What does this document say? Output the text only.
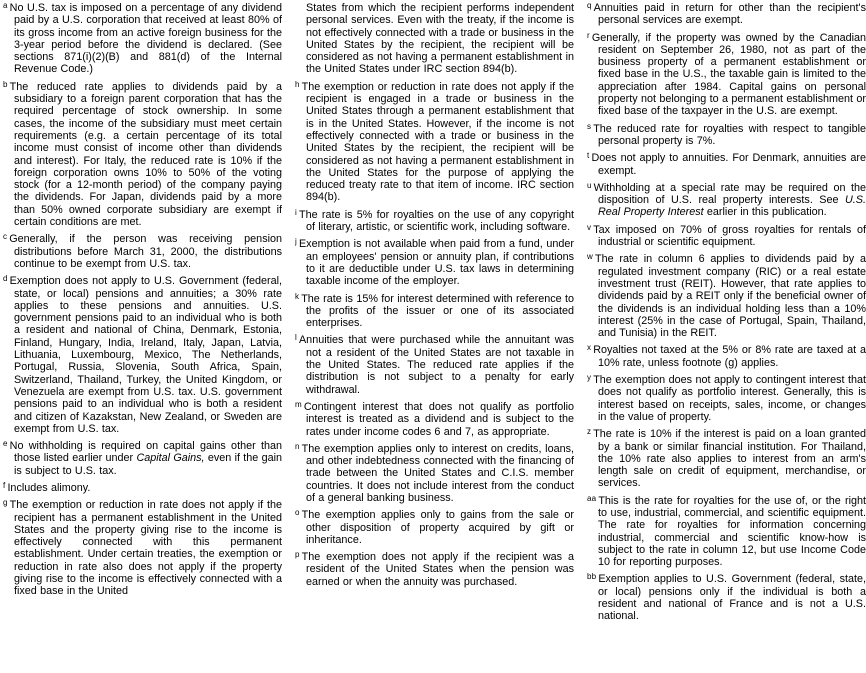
$^a$ No U.S. tax is imposed on a percentage of any dividend paid by a U.S. corporation that received at least 80% of its gross income from an active foreign business for the 3-year period before the dividend is declared. (See sections 871(i)(2)(B) and 881(d) of the Internal Revenue Code.)
$^b$ The reduced rate applies to dividends paid by a subsidiary to a foreign parent corporation that has the required percentage of stock ownership. In some cases, the income of the subsidiary must meet certain requirements (e.g. a certain percentage of its total income must consist of income other than dividends and interest). For Italy, the reduced rate is 10% if the foreign corporation owns 10% to 50% of the voting stock (for a 12-month period) of the company paying the dividends. For Japan, dividends paid by a more than 50% owned corporate subsidiary are exempt if certain conditions are met.
$^c$ Generally, if the person was receiving pension distributions before March 31, 2000, the distributions continue to be exempt from U.S. tax.
$^d$ Exemption does not apply to U.S. Government (federal, state, or local) pensions and annuities; a 30% rate applies to these pensions and annuities. U.S. government pensions paid to an individual who is both a resident and national of China, Denmark, Estonia, Finland, Hungary, India, Ireland, Italy, Japan, Latvia, Lithuania, Luxembourg, Mexico, The Netherlands, Portugal, Russia, Slovenia, South Africa, Spain, Switzerland, Thailand, Turkey, the United Kingdom, or Venezuela are exempt from U.S. tax. U.S. government pensions paid to an individual who is both a resident and citizen of Kazakstan, New Zealand, or Sweden are exempt from U.S. tax.
$^e$ No withholding is required on capital gains other than those listed earlier under Capital Gains, even if the gain is subject to U.S. tax.
$^f$ Includes alimony.
$^g$ The exemption or reduction in rate does not apply if the recipient has a permanent establishment in the United States and the property giving rise to the income is effectively connected with this permanent establishment. Under certain treaties, the exemption or reduction in rate also does not apply if the property giving rise to the income is effectively connected with a fixed base in the United
States from which the recipient performs independent personal services. Even with the treaty, if the income is not effectively connected with a trade or business in the United States by the recipient, the recipient will be considered as not having a permanent establishment in the United States under IRC section 894(b).
$^h$ The exemption or reduction in rate does not apply if the recipient is engaged in a trade or business in the United States through a permanent establishment that is in the United States. However, if the income is not effectively connected with a trade or business in the United States by the recipient, the recipient will be considered as not having a permanent establishment in the United States for the purpose of applying the reduced treaty rate to that item of income. IRC section 894(b).
$^i$ The rate is 5% for royalties on the use of any copyright of literary, artistic, or scientific work, including software.
$^j$ Exemption is not available when paid from a fund, under an employees' pension or annuity plan, if contributions to it are deductible under U.S. tax laws in determining taxable income of the employer.
$^k$ The rate is 15% for interest determined with reference to the profits of the issuer or one of its associated enterprises.
$^l$ Annuities that were purchased while the annuitant was not a resident of the United States are not taxable in the United States. The reduced rate applies if the distribution is not subject to a penalty for early withdrawal.
$^m$ Contingent interest that does not qualify as portfolio interest is treated as a dividend and is subject to the rates under income codes 6 and 7, as appropriate.
$^n$ The exemption applies only to interest on credits, loans, and other indebtedness connected with the financing of trade between the United States and C.I.S. member countries. It does not include interest from the conduct of a general banking business.
$^o$ The exemption applies only to gains from the sale or other disposition of property acquired by gift or inheritance.
$^p$ The exemption does not apply if the recipient was a resident of the United States when the pension was earned or when the annuity was purchased.
$^q$ Annuities paid in return for other than the recipient's personal services are exempt.
$^r$ Generally, if the property was owned by the Canadian resident on September 26, 1980, not as part of the business property of a permanent establishment or fixed base in the U.S., the taxable gain is limited to the appreciation after 1984. Capital gains on personal property not belonging to a permanent establishment or fixed base of the taxpayer in the U.S. are exempt.
$^s$ The reduced rate for royalties with respect to tangible personal property is 7%.
$^t$ Does not apply to annuities. For Denmark, annuities are exempt.
$^u$ Withholding at a special rate may be required on the disposition of U.S. real property interests. See U.S. Real Property Interest earlier in this publication.
$^v$ Tax imposed on 70% of gross royalties for rentals of industrial or scientific equipment.
$^w$ The rate in column 6 applies to dividends paid by a regulated investment company (RIC) or a real estate investment trust (REIT). However, that rate applies to dividends paid by a REIT only if the beneficial owner of the dividends is an individual holding less than a 10% interest (25% in the case of Portugal, Spain, Thailand, and Tunisia) in the REIT.
$^x$ Royalties not taxed at the 5% or 8% rate are taxed at a 10% rate, unless footnote (g) applies.
$^y$ The exemption does not apply to contingent interest that does not qualify as portfolio interest. Generally, this is interest based on receipts, sales, income, or changes in the value of property.
$^z$ The rate is 10% if the interest is paid on a loan granted by a bank or similar financial institution. For Thailand, the 10% rate also applies to interest from an arm's length sale on credit of equipment, merchandise, or services.
$^{aa}$ This is the rate for royalties for the use of, or the right to use, industrial, commercial, and scientific equipment. The rate for royalties for information concerning industrial, commercial and scientific know-how is subject to the rate in column 12, but use Income Code 10 for reporting purposes.
$^{bb}$ Exemption applies to U.S. Government (federal, state, or local) pensions only if the individual is both a resident and national of France and is not a U.S. national.
